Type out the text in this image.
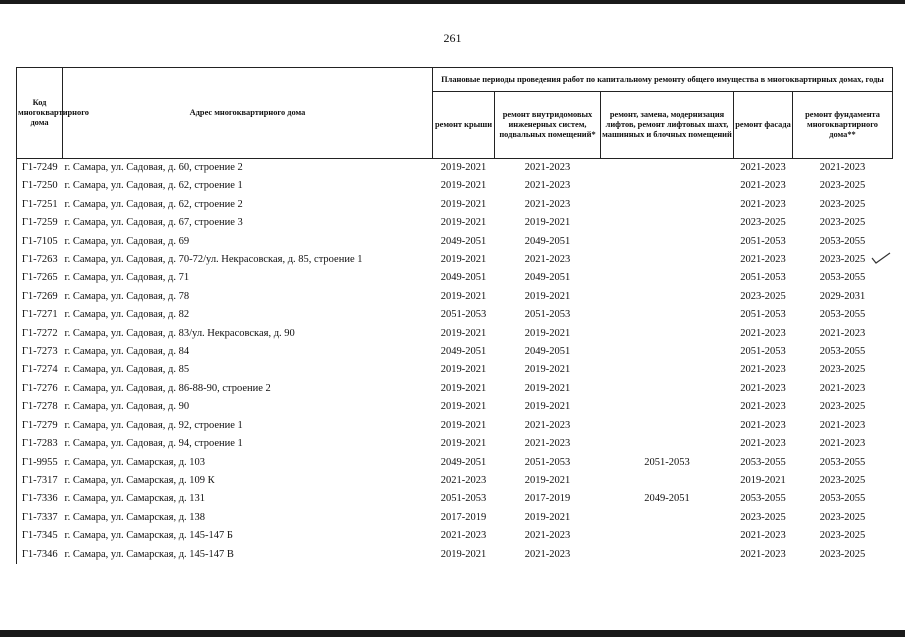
261
Код многоквартирного дома	Адрес многоквартирного дома	Плановые периоды проведения работ по капитальному ремонту общего имущества в многоквартирных домах, годы				
		ремонт крыши	ремонт внутридомовых инженерных систем, подвальных помещений*	ремонт, замена, модернизация лифтов, ремонт лифтовых шахт, машинных и блочных помещений	ремонт фасада	ремонт фундамента многоквартирного дома**
Г1-7249	г. Самара, ул. Садовая, д. 60, строение 2	2019-2021	2021-2023		2021-2023	2021-2023
Г1-7250	г. Самара, ул. Садовая, д. 62, строение 1	2019-2021	2021-2023		2021-2023	2023-2025
Г1-7251	г. Самара, ул. Садовая, д. 62, строение 2	2019-2021	2021-2023		2021-2023	2023-2025
Г1-7259	г. Самара, ул. Садовая, д. 67, строение 3	2019-2021	2019-2021		2023-2025	2023-2025
Г1-7105	г. Самара, ул. Садовая, д. 69	2049-2051	2049-2051		2051-2053	2053-2055
Г1-7263	г. Самара, ул. Садовая, д. 70-72/ул. Некрасовская, д. 85, строение 1	2019-2021	2021-2023		2021-2023	2023-2025
Г1-7265	г. Самара, ул. Садовая, д. 71	2049-2051	2049-2051		2051-2053	2053-2055
Г1-7269	г. Самара, ул. Садовая, д. 78	2019-2021	2019-2021		2023-2025	2029-2031
Г1-7271	г. Самара, ул. Садовая, д. 82	2051-2053	2051-2053		2051-2053	2053-2055
Г1-7272	г. Самара, ул. Садовая, д. 83/ул. Некрасовская, д. 90	2019-2021	2019-2021		2021-2023	2021-2023
Г1-7273	г. Самара, ул. Садовая, д. 84	2049-2051	2049-2051		2051-2053	2053-2055
Г1-7274	г. Самара, ул. Садовая, д. 85	2019-2021	2019-2021		2021-2023	2023-2025
Г1-7276	г. Самара, ул. Садовая, д. 86-88-90, строение 2	2019-2021	2019-2021		2021-2023	2021-2023
Г1-7278	г. Самара, ул. Садовая, д. 90	2019-2021	2019-2021		2021-2023	2023-2025
Г1-7279	г. Самара, ул. Садовая, д. 92, строение 1	2019-2021	2021-2023		2021-2023	2021-2023
Г1-7283	г. Самара, ул. Садовая, д. 94, строение 1	2019-2021	2021-2023		2021-2023	2021-2023
Г1-9955	г. Самара, ул. Самарская, д. 103	2049-2051	2051-2053	2051-2053	2053-2055	2053-2055
Г1-7317	г. Самара, ул. Самарская, д. 109 К	2021-2023	2019-2021		2019-2021	2023-2025
Г1-7336	г. Самара, ул. Самарская, д. 131	2051-2053	2017-2019	2049-2051	2053-2055	2053-2055
Г1-7337	г. Самара, ул. Самарская, д. 138	2017-2019	2019-2021		2023-2025	2023-2025
Г1-7345	г. Самара, ул. Самарская, д. 145-147 Б	2021-2023	2021-2023		2021-2023	2023-2025
Г1-7346	г. Самара, ул. Самарская, д. 145-147 В	2019-2021	2021-2023		2021-2023	2023-2025
